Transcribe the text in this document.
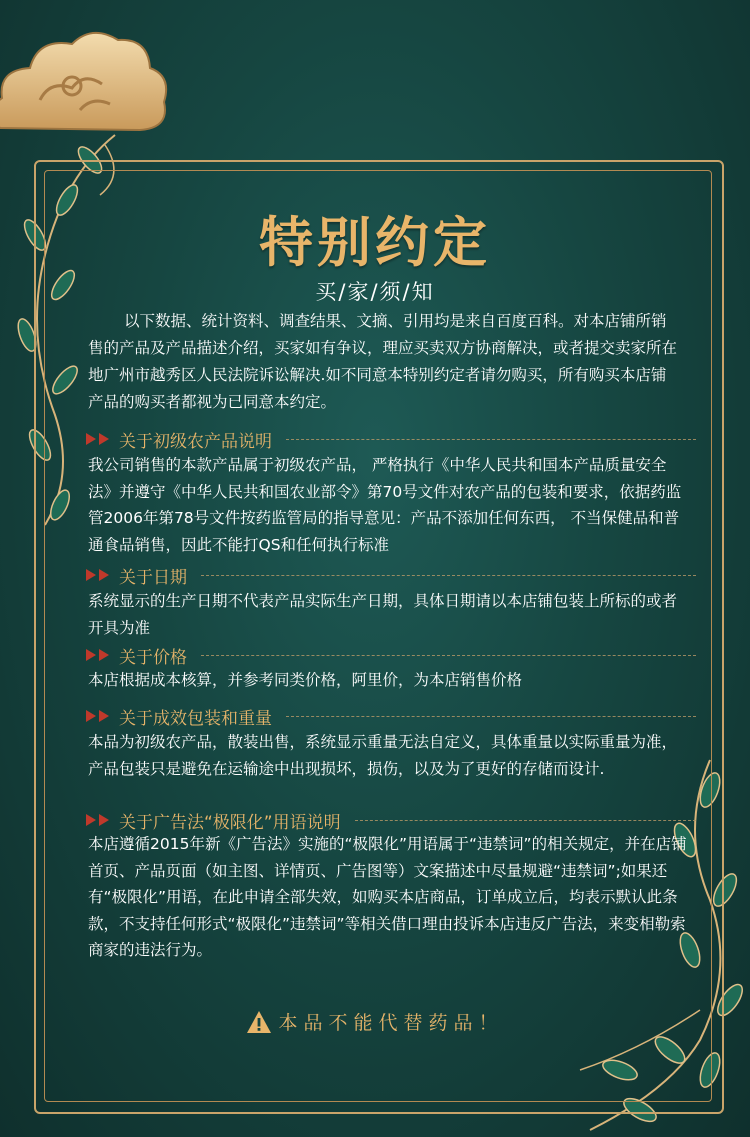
特别约定
买/家/须/知
以下数据、统计资料、调查结果、文摘、引用均是来自百度百科。对本店铺所销售的产品及产品描述介绍，买家如有争议，理应买卖双方协商解决，或者提交卖家所在地广州市越秀区人民法院诉讼解决.如不同意本特别约定者请勿购买，所有购买本店铺产品的购买者都视为已同意本约定。
关于初级农产品说明
我公司销售的本款产品属于初级农产品， 严格执行《中华人民共和国本产品质量安全法》并遵守《中华人民共和国农业部令》第70号文件对农产品的包装和要求，依据药监管2006年第78号文件按药监管局的指导意见：产品不添加任何东西， 不当保健品和普通食品销售，因此不能打QS和任何执行标准
关于日期
系统显示的生产日期不代表产品实际生产日期，具体日期请以本店铺包装上所标的或者开具为准
关于价格
本店根据成本核算，并参考同类价格，阿里价，为本店销售价格
关于成效包装和重量
本品为初级农产品，散装出售，系统显示重量无法自定义，具体重量以实际重量为准，产品包装只是避免在运输途中出现损坏，损伤，以及为了更好的存储而设计.
关于广告法“极限化”用语说明
本店遵循2015年新《广告法》实施的“极限化”用语属于“违禁词”的相关规定，并在店铺首页、产品页面（如主图、详情页、广告图等）文案描述中尽量规避“违禁词”;如果还有“极限化”用语，在此申请全部失效，如购买本店商品，订单成立后，均表示默认此条款，不支持任何形式“极限化”违禁词”等相关借口理由投诉本店违反广告法，来变相勒索商家的违法行为。
本品不能代替药品！
